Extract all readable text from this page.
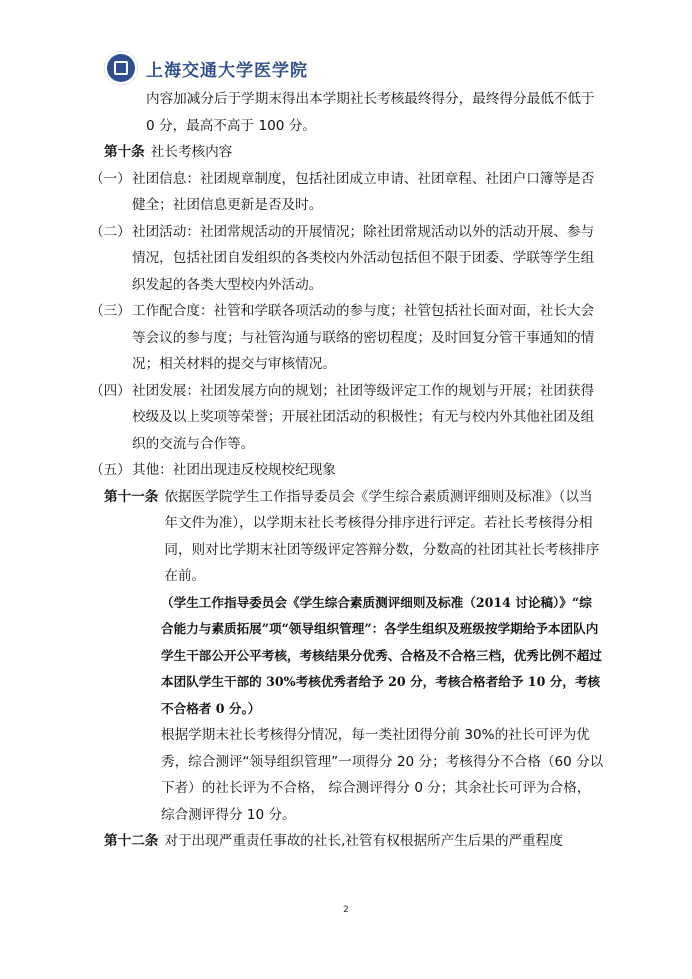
上海交通大学医学院
内容加减分后于学期末得出本学期社长考核最终得分，最终得分最低不低于 0 分，最高不高于 100 分。
第十条 社长考核内容
（一） 社团信息：社团规章制度，包括社团成立申请、社团章程、社团户口簿等是否健全；社团信息更新是否及时。
（二） 社团活动：社团常规活动的开展情况；除社团常规活动以外的活动开展、参与情况，包括社团自发组织的各类校内外活动包括但不限于团委、学联等学生组织发起的各类大型校内外活动。
（三） 工作配合度：社管和学联各项活动的参与度；社管包括社长面对面，社长大会等会议的参与度；与社管沟通与联络的密切程度；及时回复分管干事通知的情况；相关材料的提交与审核情况。
（四） 社团发展：社团发展方向的规划；社团等级评定工作的规划与开展；社团获得校级及以上奖项等荣誉；开展社团活动的积极性；有无与校内外其他社团及组织的交流与合作等。
（五） 其他：社团出现违反校规校纪现象
第十一条 依据医学院学生工作指导委员会《学生综合素质测评细则及标准》（以当年文件为准），以学期末社长考核得分排序进行评定。若社长考核得分相同，则对比学期末社团等级评定答辩分数，分数高的社团其社长考核排序在前。
（学生工作指导委员会《学生综合素质测评细则及标准（2014 讨论稿）》“综合能力与素质拓展”项“领导组织管理”：各学生组织及班级按学期给予本团队内学生干部公开公平考核，考核结果分优秀、合格及不合格三档，优秀比例不超过本团队学生干部的 30%考核优秀者给予 20 分，考核合格者给予 10 分，考核不合格者 0 分。）
根据学期末社长考核得分情况，每一类社团得分前 30%的社长可评为优秀，综合测评“领导组织管理”一项得分 20 分；考核得分不合格（60 分以下者）的社长评为不合格， 综合测评得分 0 分；其余社长可评为合格，综合测评得分 10 分。
第十二条 对于出现严重责任事故的社长,社管有权根据所产生后果的严重程度
2
